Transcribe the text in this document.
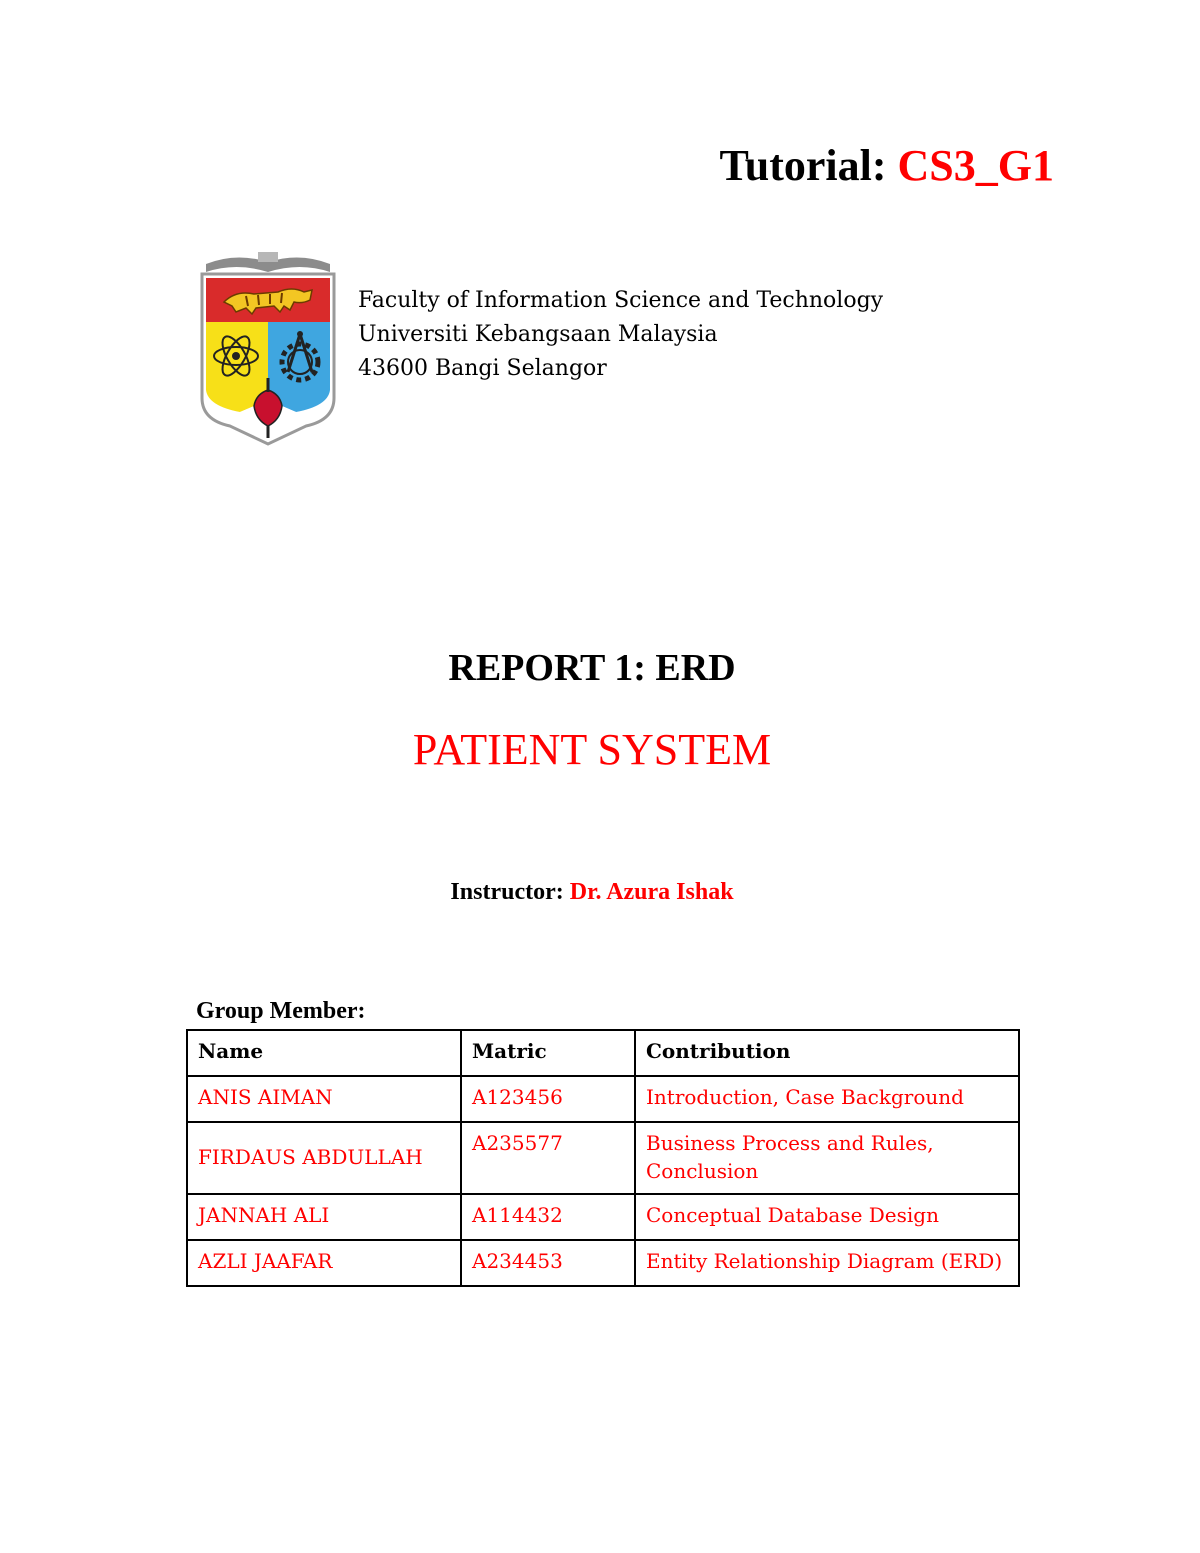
Tutorial: CS3_G1
Faculty of Information Science and Technology
Universiti Kebangsaan Malaysia
43600 Bangi Selangor
REPORT 1: ERD
PATIENT SYSTEM
Instructor: Dr. Azura Ishak
Group Member:
Name	Matric	Contribution
ANIS AIMAN	A123456	Introduction, Case Background
FIRDAUS ABDULLAH	A235577	Business Process and Rules, Conclusion
JANNAH ALI	A114432	Conceptual Database Design
AZLI JAAFAR	A234453	Entity Relationship Diagram (ERD)
